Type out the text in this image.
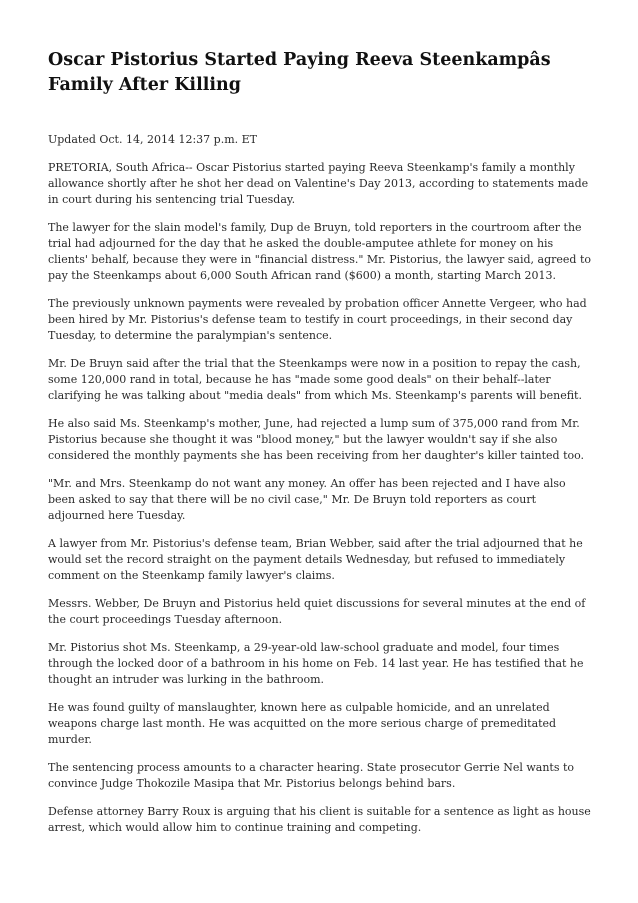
Oscar Pistorius Started Paying Reeva Steenkampâs Family After Killing

Updated Oct. 14, 2014 12:37 p.m. ET

PRETORIA, South Africa-- Oscar Pistorius started paying Reeva Steenkamp's family a monthly allowance shortly after he shot her dead on Valentine's Day 2013, according to statements made in court during his sentencing trial Tuesday.

The lawyer for the slain model's family, Dup de Bruyn, told reporters in the courtroom after the trial had adjourned for the day that he asked the double-amputee athlete for money on his clients' behalf, because they were in "financial distress." Mr. Pistorius, the lawyer said, agreed to pay the Steenkamps about 6,000 South African rand ($600) a month, starting March 2013.

The previously unknown payments were revealed by probation officer Annette Vergeer, who had been hired by Mr. Pistorius's defense team to testify in court proceedings, in their second day Tuesday, to determine the paralympian's sentence.

Mr. De Bruyn said after the trial that the Steenkamps were now in a position to repay the cash, some 120,000 rand in total, because he has "made some good deals" on their behalf--later clarifying he was talking about "media deals" from which Ms. Steenkamp's parents will benefit.

He also said Ms. Steenkamp's mother, June, had rejected a lump sum of 375,000 rand from Mr. Pistorius because she thought it was "blood money," but the lawyer wouldn't say if she also considered the monthly payments she has been receiving from her daughter's killer tainted too.

"Mr. and Mrs. Steenkamp do not want any money. An offer has been rejected and I have also been asked to say that there will be no civil case," Mr. De Bruyn told reporters as court adjourned here Tuesday.

A lawyer from Mr. Pistorius's defense team, Brian Webber, said after the trial adjourned that he would set the record straight on the payment details Wednesday, but refused to immediately comment on the Steenkamp family lawyer's claims.

Messrs. Webber, De Bruyn and Pistorius held quiet discussions for several minutes at the end of the court proceedings Tuesday afternoon.

Mr. Pistorius shot Ms. Steenkamp, a 29-year-old law-school graduate and model, four times through the locked door of a bathroom in his home on Feb. 14 last year. He has testified that he thought an intruder was lurking in the bathroom.

He was found guilty of manslaughter, known here as culpable homicide, and an unrelated weapons charge last month. He was acquitted on the more serious charge of premeditated murder.

The sentencing process amounts to a character hearing. State prosecutor Gerrie Nel wants to convince Judge Thokozile Masipa that Mr. Pistorius belongs behind bars.

Defense attorney Barry Roux is arguing that his client is suitable for a sentence as light as house arrest, which would allow him to continue training and competing.
